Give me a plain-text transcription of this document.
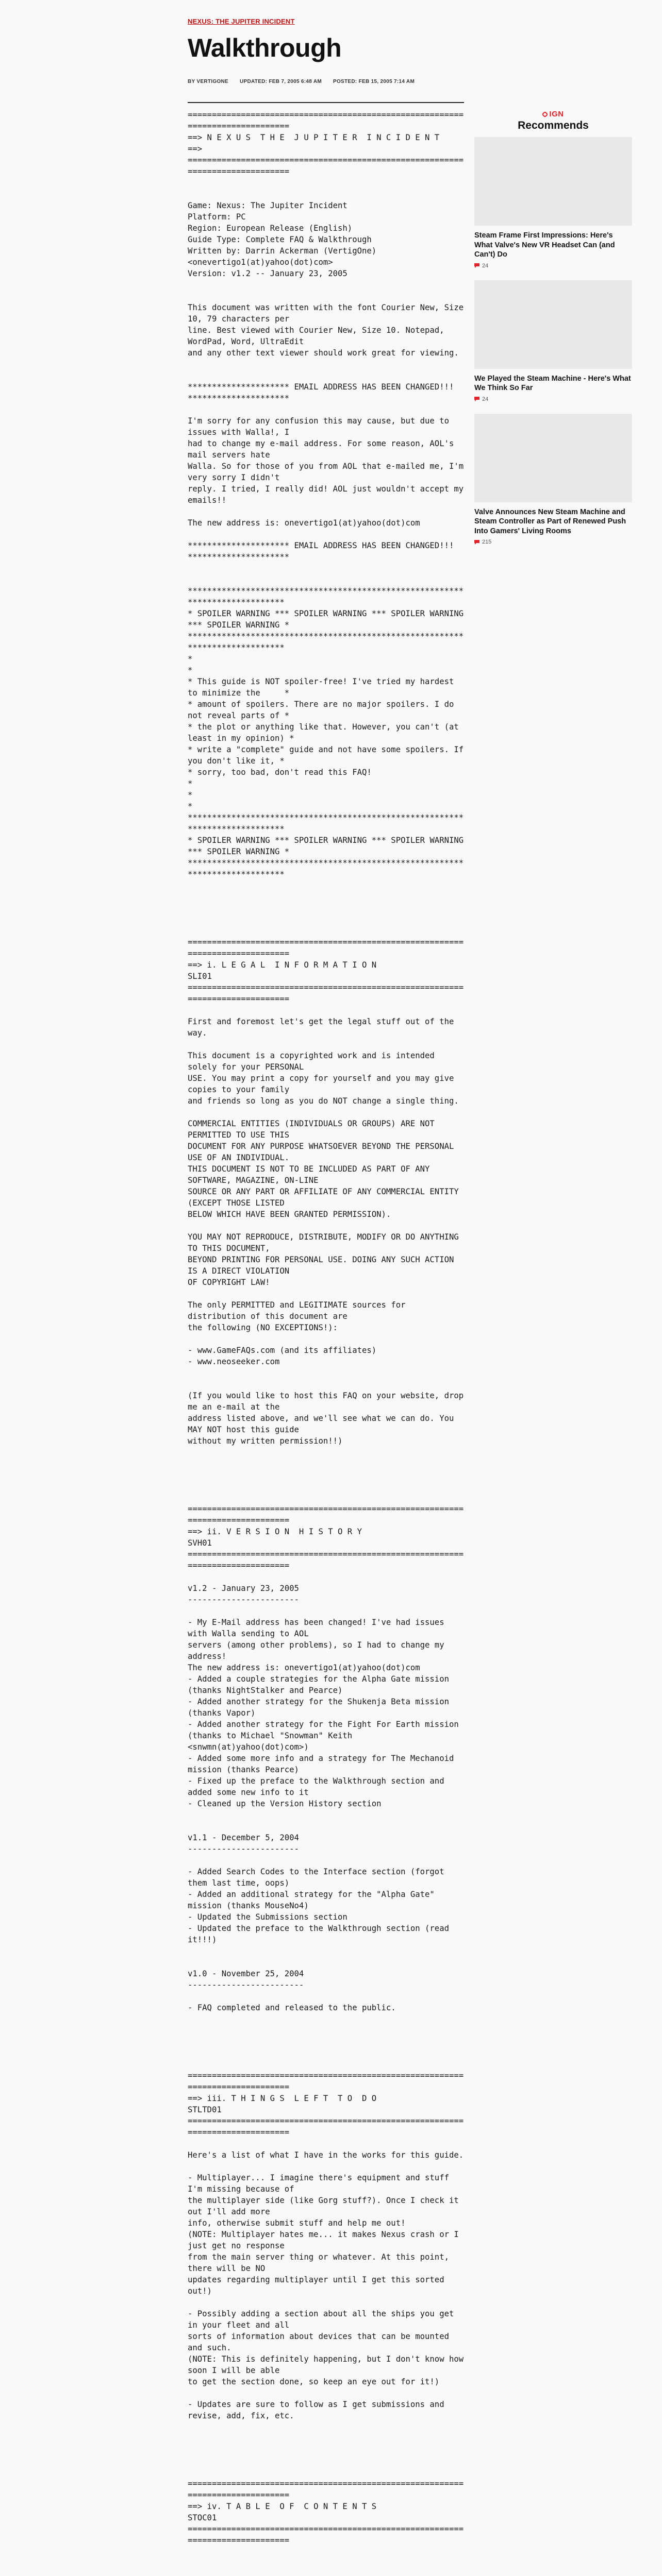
NEXUS: THE JUPITER INCIDENT
Walkthrough
BY VERTIGONE UPDATED: FEB 7, 2005 6:48 AM POSTED: FEB 15, 2005 7:14 AM
==============================================================================
==> N E X U S  T H E  J U P I T E R  I N C I D E N T
==>
==============================================================================

Game: Nexus: The Jupiter Incident
Platform: PC
Region: European Release (English)
Guide Type: Complete FAQ & Walkthrough
Written by: Darrin Ackerman (VertigOne)
<onevertigo1(at)yahoo(dot)com>
Version: v1.2 -- January 23, 2005

This document was written with the font Courier New, Size 10, 79 characters per
line. Best viewed with Courier New, Size 10. Notepad, WordPad, Word, UltraEdit
and any other text viewer should work great for viewing.

********************* EMAIL ADDRESS HAS BEEN CHANGED!!! *********************

I'm sorry for any confusion this may cause, but due to issues with Walla!, I
had to change my e-mail address. For some reason, AOL's mail servers hate
Walla. So for those of you from AOL that e-mailed me, I'm very sorry I didn't
reply. I tried, I really did! AOL just wouldn't accept my emails!!

The new address is: onevertigo1(at)yahoo(dot)com

********************* EMAIL ADDRESS HAS BEEN CHANGED!!! *********************

*****************************************************************************
* SPOILER WARNING *** SPOILER WARNING *** SPOILER WARNING *** SPOILER WARNING *
*****************************************************************************
*                                                                           *
* This guide is NOT spoiler-free! I've tried my hardest to minimize the     *
* amount of spoilers. There are no major spoilers. I do not reveal parts of *
* the plot or anything like that. However, you can't (at least in my opinion) *
* write a "complete" guide and not have some spoilers. If you don't like it, *
* sorry, too bad, don't read this FAQ!                                      *
*                                                                           *
*****************************************************************************
* SPOILER WARNING *** SPOILER WARNING *** SPOILER WARNING *** SPOILER WARNING *
*****************************************************************************

==============================================================================
==> i. L E G A L  I N F O R M A T I O N                                 SLI01
==============================================================================

First and foremost let's get the legal stuff out of the way.

This document is a copyrighted work and is intended solely for your PERSONAL
USE. You may print a copy for yourself and you may give copies to your family
and friends so long as you do NOT change a single thing.

COMMERCIAL ENTITIES (INDIVIDUALS OR GROUPS) ARE NOT PERMITTED TO USE THIS
DOCUMENT FOR ANY PURPOSE WHATSOEVER BEYOND THE PERSONAL USE OF AN INDIVIDUAL.
THIS DOCUMENT IS NOT TO BE INCLUDED AS PART OF ANY SOFTWARE, MAGAZINE, ON-LINE
SOURCE OR ANY PART OR AFFILIATE OF ANY COMMERCIAL ENTITY (EXCEPT THOSE LISTED
BELOW WHICH HAVE BEEN GRANTED PERMISSION).

YOU MAY NOT REPRODUCE, DISTRIBUTE, MODIFY OR DO ANYTHING TO THIS DOCUMENT,
BEYOND PRINTING FOR PERSONAL USE. DOING ANY SUCH ACTION IS A DIRECT VIOLATION
OF COPYRIGHT LAW!

The only PERMITTED and LEGITIMATE sources for distribution of this document are
the following (NO EXCEPTIONS!):

- www.GameFAQs.com (and its affiliates)
- www.neoseeker.com

(If you would like to host this FAQ on your website, drop me an e-mail at the
address listed above, and we'll see what we can do. You MAY NOT host this guide
without my written permission!!)

==============================================================================
==> ii. V E R S I O N  H I S T O R Y                                    SVH01
==============================================================================

v1.2 - January 23, 2005
-----------------------

- My E-Mail address has been changed! I've had issues with Walla sending to AOL
servers (among other problems), so I had to change my address!
The new address is: onevertigo1(at)yahoo(dot)com
- Added a couple strategies for the Alpha Gate mission
(thanks NightStalker and Pearce)
- Added another strategy for the Shukenja Beta mission (thanks Vapor)
- Added another strategy for the Fight For Earth mission
(thanks to Michael "Snowman" Keith <snwmn(at)yahoo(dot)com>)
- Added some more info and a strategy for The Mechanoid mission (thanks Pearce)
- Fixed up the preface to the Walkthrough section and added some new info to it
- Cleaned up the Version History section

v1.1 - December 5, 2004
-----------------------

- Added Search Codes to the Interface section (forgot them last time, oops)
- Added an additional strategy for the "Alpha Gate" mission (thanks MouseNo4)
- Updated the Submissions section
- Updated the preface to the Walkthrough section (read it!!!)

v1.0 - November 25, 2004
------------------------

- FAQ completed and released to the public.

==============================================================================
==> iii. T H I N G S  L E F T  T O  D O                               STLTD01
==============================================================================

Here's a list of what I have in the works for this guide.

- Multiplayer... I imagine there's equipment and stuff I'm missing because of
the multiplayer side (like Gorg stuff?). Once I check it out I'll add more
info, otherwise submit stuff and help me out!
(NOTE: Multiplayer hates me... it makes Nexus crash or I just get no response
from the main server thing or whatever. At this point, there will be NO
updates regarding multiplayer until I get this sorted out!)

- Possibly adding a section about all the ships you get in your fleet and all
sorts of information about devices that can be mounted and such.
(NOTE: This is definitely happening, but I don't know how soon I will be able
to get the section done, so keep an eye out for it!)

- Updates are sure to follow as I get submissions and revise, add, fix, etc.

==============================================================================
==> iv. T A B L E  O F  C O N T E N T S                                 STOC01
==============================================================================
IGN
Recommends
Steam Frame First Impressions: Here's What Valve's New VR Headset Can (and Can't) Do
24
We Played the Steam Machine - Here's What We Think So Far
24
Valve Announces New Steam Machine and Steam Controller as Part of Renewed Push Into Gamers' Living Rooms
215
